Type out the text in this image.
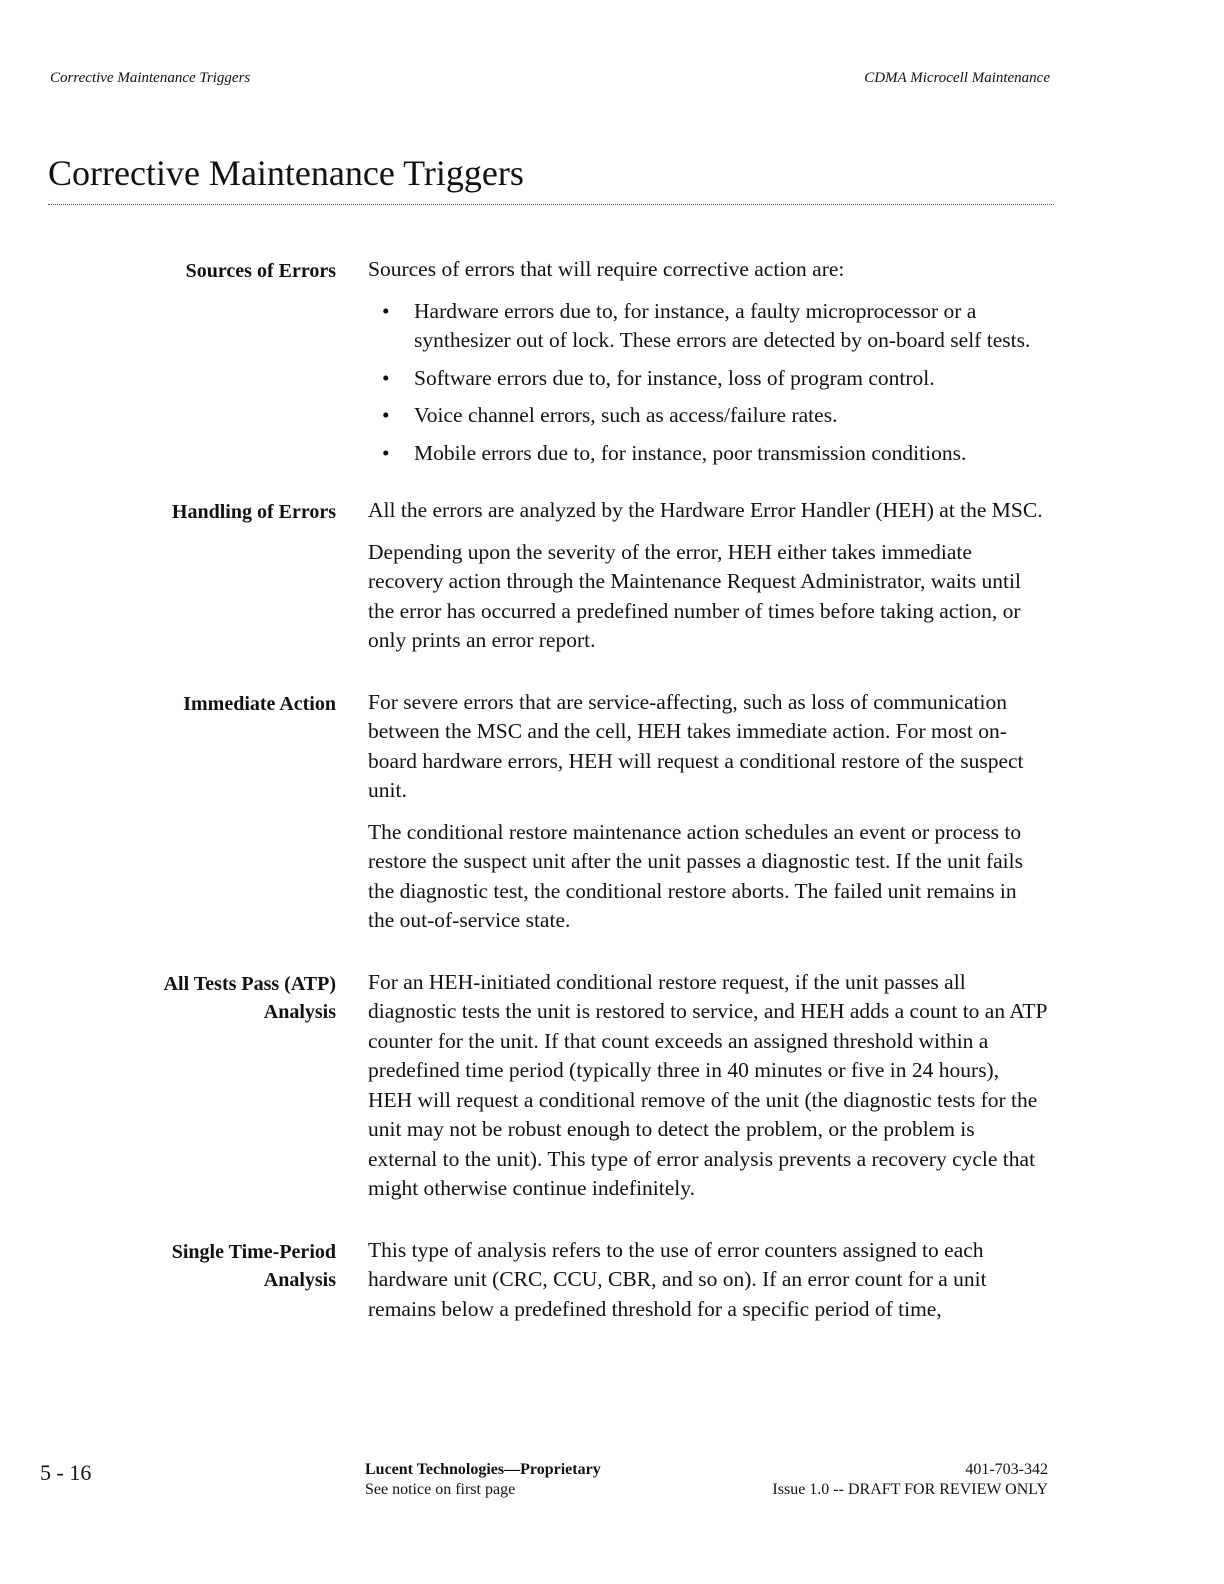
Corrective Maintenance Triggers	CDMA Microcell Maintenance
Corrective Maintenance Triggers
Sources of Errors Sources of errors that will require corrective action are:

• Hardware errors due to, for instance, a faulty microprocessor or a synthesizer out of lock. These errors are detected by on-board self tests.
• Software errors due to, for instance, loss of program control.
• Voice channel errors, such as access/failure rates.
• Mobile errors due to, for instance, poor transmission conditions.
Handling of Errors All the errors are analyzed by the Hardware Error Handler (HEH) at the MSC.

Depending upon the severity of the error, HEH either takes immediate recovery action through the Maintenance Request Administrator, waits until the error has occurred a predefined number of times before taking action, or only prints an error report.

Immediate Action For severe errors that are service-affecting, such as loss of communication between the MSC and the cell, HEH takes immediate action. For most on-board hardware errors, HEH will request a conditional restore of the suspect unit.

The conditional restore maintenance action schedules an event or process to restore the suspect unit after the unit passes a diagnostic test. If the unit fails the diagnostic test, the conditional restore aborts. The failed unit remains in the out-of-service state.

All Tests Pass (ATP)
Analysis

For an HEH-initiated conditional restore request, if the unit passes all diagnostic tests the unit is restored to service, and HEH adds a count to an ATP counter for the unit. If that count exceeds an assigned threshold within a predefined time period (typically three in 40 minutes or five in 24 hours), HEH will request a conditional remove of the unit (the diagnostic tests for the unit may not be robust enough to detect the problem, or the problem is external to the unit). This type of error analysis prevents a recovery cycle that might otherwise continue indefinitely.

Single Time-Period
Analysis

This type of analysis refers to the use of error counters assigned to each hardware unit (CRC, CCU, CBR, and so on). If an error count for a unit remains below a predefined threshold for a specific period of time,

5 - 16	Lucent Technologies—Proprietary
See notice on first page
401-703-342
Issue 1.0 -- DRAFT FOR REVIEW ONLY
